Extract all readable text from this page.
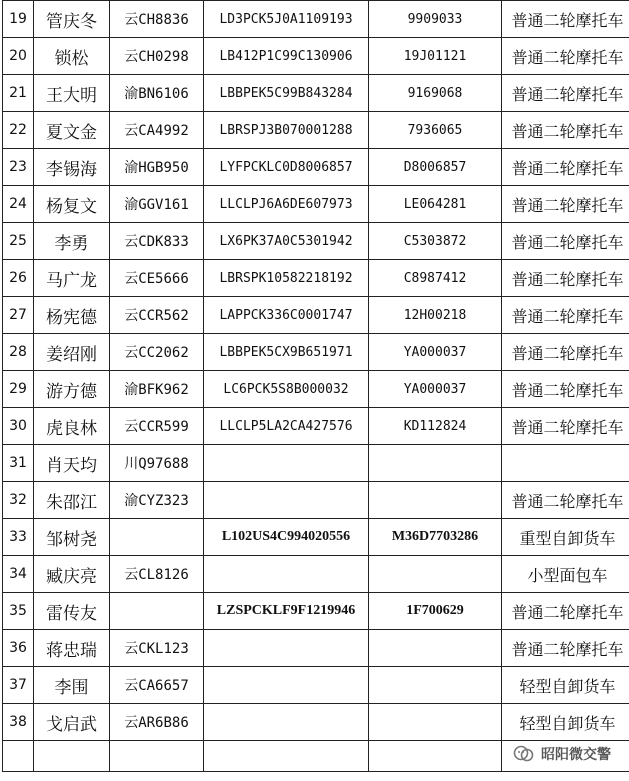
19	管庆冬	云CH8836	LD3PCK5J0A1109193	9909033	普通二轮摩托车
20	锁松	云CH0298	LB412P1C99C130906	19J01121	普通二轮摩托车
21	王大明	渝BN6106	LBBPEK5C99B843284	9169068	普通二轮摩托车
22	夏文金	云CA4992	LBRSPJ3B070001288	7936065	普通二轮摩托车
23	李锡海	渝HGB950	LYFPCKLC0D8006857	D8006857	普通二轮摩托车
24	杨复文	渝GGV161	LLCLPJ6A6DE607973	LE064281	普通二轮摩托车
25	李勇	云CDK833	LX6PK37A0C5301942	C5303872	普通二轮摩托车
26	马广龙	云CE5666	LBRSPK10582218192	C8987412	普通二轮摩托车
27	杨宪德	云CCR562	LAPPCK336C0001747	12H00218	普通二轮摩托车
28	姜绍刚	云CC2062	LBBPEK5CX9B651971	YA000037	普通二轮摩托车
29	游方德	渝BFK962	LC6PCK5S8B000032	YA000037	普通二轮摩托车
30	虎良林	云CCR599	LLCLP5LA2CA427576	KD112824	普通二轮摩托车
31	肖天均	川Q97688			
32	朱邵江	渝CYZ323			普通二轮摩托车
33	邹树尧		L102US4C994020556	M36D7703286	重型自卸货车
34	臧庆亮	云CL8126			小型面包车
35	雷传友		LZSPCKLF9F1219946	1F700629	普通二轮摩托车
36	蒋忠瑞	云CKL123			普通二轮摩托车
37	李围	云CA6657			轻型自卸货车
38	戈启武	云AR6B86			轻型自卸货车

昭阳微交警
